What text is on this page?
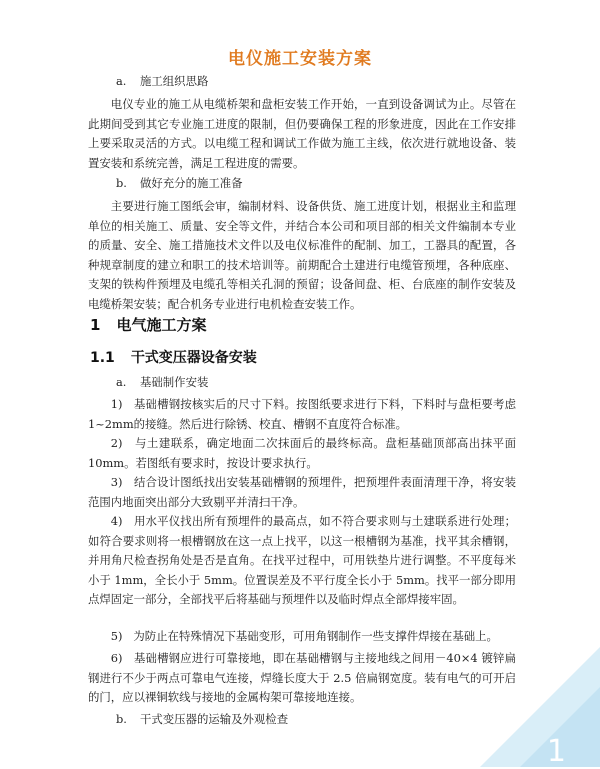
电仪施工安装方案

a. 施工组织思路

电仪专业的施工从电缆桥架和盘柜安装工作开始，一直到设备调试为止。尽管在此期间受到其它专业施工进度的限制，但仍要确保工程的形象进度，因此在工作安排上要采取灵活的方式。以电缆工程和调试工作做为施工主线，依次进行就地设备、装置安装和系统完善，满足工程进度的需要。

b. 做好充分的施工准备

主要进行施工图纸会审，编制材料、设备供货、施工进度计划，根据业主和监理单位的相关施工、质量、安全等文件，并结合本公司和项目部的相关文件编制本专业的质量、安全、施工措施技术文件以及电仪标准件的配制、加工，工器具的配置，各种规章制度的建立和职工的技术培训等。前期配合土建进行电缆管预埋，各种底座、支架的铁构件预埋及电缆孔等相关孔洞的预留；设备间盘、柜、台底座的制作安装及电缆桥架安装；配合机务专业进行电机检查安装工作。

1 电气施工方案
1.1 干式变压器设备安装

a. 基础制作安装

1) 基础槽钢按核实后的尺寸下料。按图纸要求进行下料，下料时与盘柜要考虑1~2mm的接缝。然后进行除锈、校直、槽钢不直度符合标准。

2) 与土建联系，确定地面二次抹面后的最终标高。盘柜基础顶部高出抹平面10mm。若图纸有要求时，按设计要求执行。

3) 结合设计图纸找出安装基础槽钢的预埋件，把预埋件表面清理干净，将安装范围内地面突出部分大致剔平并清扫干净。

4) 用水平仪找出所有预埋件的最高点，如不符合要求则与土建联系进行处理；如符合要求则将一根槽钢放在这一点上找平，以这一根槽钢为基准，找平其余槽钢，并用角尺检查拐角处是否是直角。在找平过程中，可用铁垫片进行调整。不平度每米小于 1mm，全长小于 5mm。位置误差及不平行度全长小于 5mm。找平一部分即用点焊固定一部分，全部找平后将基础与预埋件以及临时焊点全部焊接牢固。

5) 为防止在特殊情况下基础变形，可用角钢制作一些支撑件焊接在基础上。

6) 基础槽钢应进行可靠接地，即在基础槽钢与主接地线之间用－40×4 镀锌扁钢进行不少于两点可靠电气连接，焊缝长度大于 2.5 倍扁钢宽度。装有电气的可开启的门，应以裸铜软线与接地的金属构架可靠接地连接。

b. 干式变压器的运输及外观检查

1
